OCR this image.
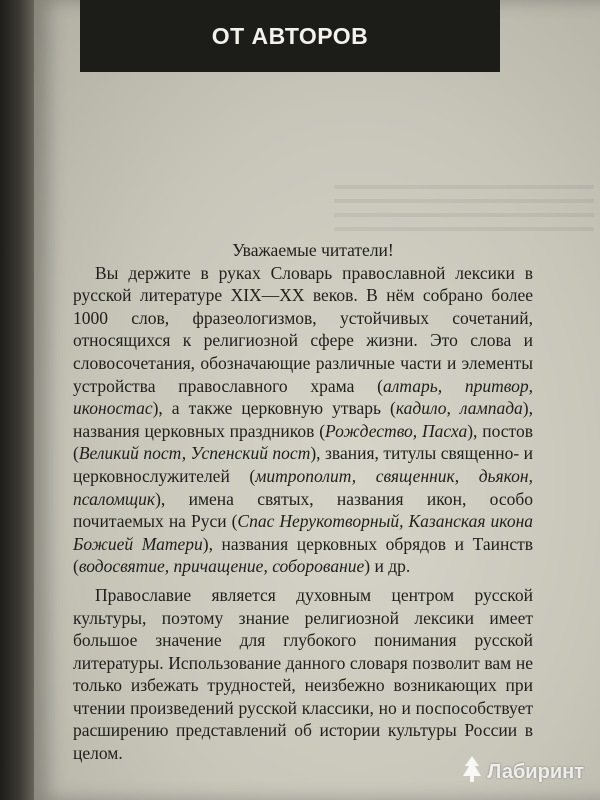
ОТ АВТОРОВ
Уважаемые читатели!

Вы держите в руках Словарь православной лексики в русской литературе XIX—XX веков. В нём собрано более 1000 слов, фразеологизмов, устойчивых сочетаний, относящихся к религиозной сфере жизни. Это слова и словосочетания, обозначающие различные части и элементы устройства православного храма (алтарь, притвор, иконостас), а также церковную утварь (кадило, лампада), названия церковных праздников (Рождество, Пасха), постов (Великий пост, Успенский пост), звания, титулы священно- и церковнослужителей (митрополит, священник, дьякон, псаломщик), имена святых, названия икон, особо почитаемых на Руси (Спас Нерукотворный, Казанская икона Божией Матери), названия церковных обрядов и Таинств (водосвятие, причащение, соборование) и др.

Православие является духовным центром русской культуры, поэтому знание религиозной лексики имеет большое значение для глубокого понимания русской литературы. Использование данного словаря позволит вам не только избежать трудностей, неизбежно возникающих при чтении произведений русской классики, но и поспособствует расширению представлений об истории культуры России в целом.

Лабиринт
